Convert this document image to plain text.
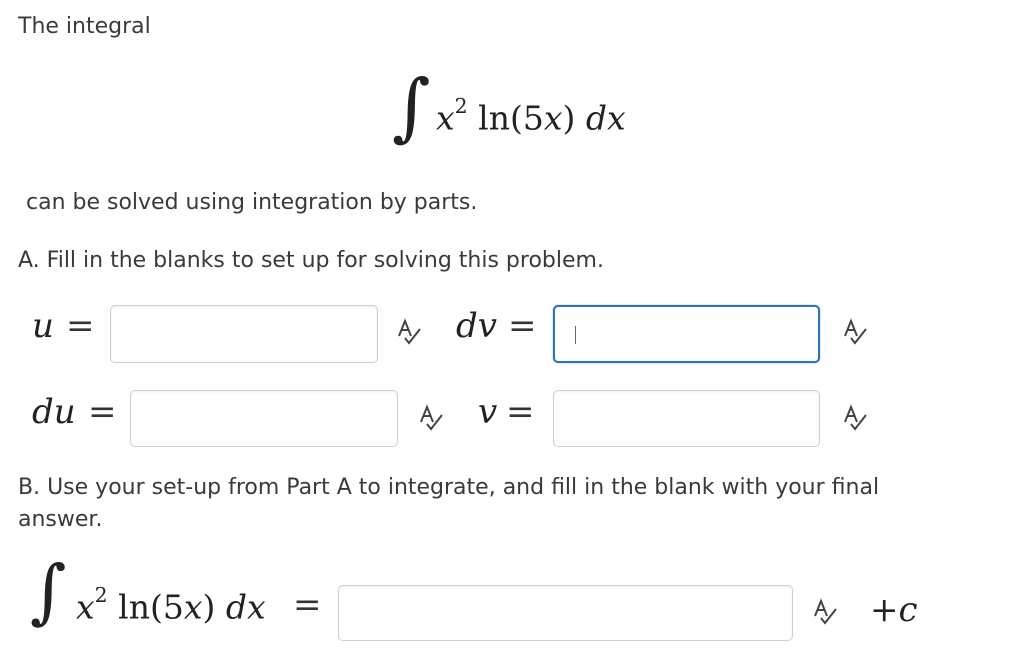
The integral
∫ $x^2$ ln(5x) dx
can be solved using integration by parts.
A. Fill in the blanks to set up for solving this problem.
u =	dv =
du =	v =
B. Use your set-up from Part A to integrate, and fill in the blank with your final
answer.
∫ $x^2$ ln(5x) dx =	+c
